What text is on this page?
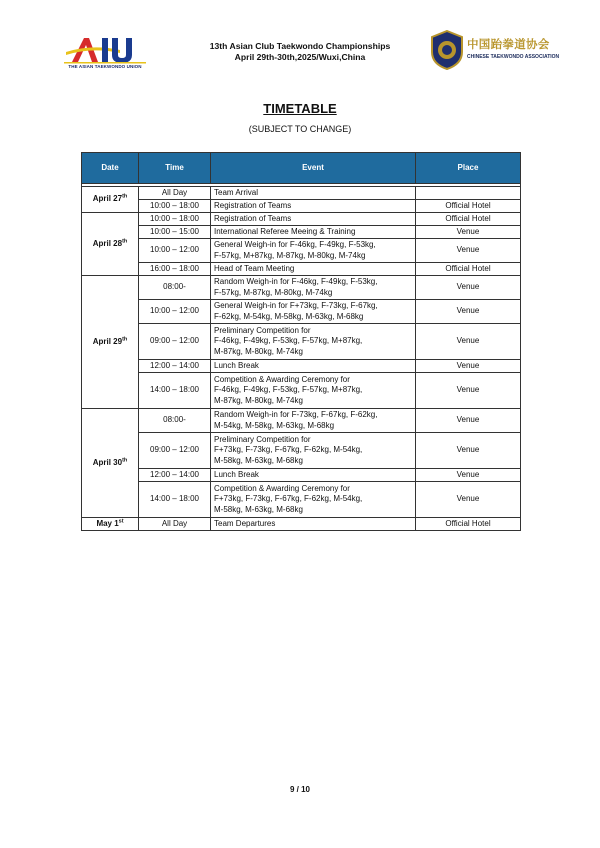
THE ASIAN TAEKWONDO UNION
13th Asian Club Taekwondo Championships
April 29th-30th,2025/Wuxi,China
中国跆拳道协会
CHINESE TAEKWONDO ASSOCIATION
TIMETABLE
(SUBJECT TO CHANGE)
Date	Time	Event	Place

April 27th	All Day	Team Arrival	
	10:00 – 18:00	Registration of Teams	Official Hotel
April 28th	10:00 – 18:00	Registration of Teams	Official Hotel
	10:00 – 15:00	International Referee Meeing & Training	Venue
	10:00 – 12:00	General Weigh-in for F-46kg, F-49kg, F-53kg,
F-57kg, M+87kg, M-87kg, M-80kg, M-74kg	Venue
	16:00 – 18:00	Head of Team Meeting	Official Hotel
April 29th	08:00-	Random Weigh-in for F-46kg, F-49kg, F-53kg,
F-57kg, M-87kg, M-80kg, M-74kg	Venue
	10:00 – 12:00	General Weigh-in for F+73kg, F-73kg, F-67kg,
F-62kg, M-54kg, M-58kg, M-63kg, M-68kg	Venue
	09:00 – 12:00	Preliminary Competition for
F-46kg, F-49kg, F-53kg, F-57kg, M+87kg,
M-87kg, M-80kg, M-74kg	Venue
	12:00 – 14:00	Lunch Break	Venue
	14:00 – 18:00	Competition & Awarding Ceremony for
F-46kg, F-49kg, F-53kg, F-57kg, M+87kg,
M-87kg, M-80kg, M-74kg	Venue
April 30th	08:00-	Random Weigh-in for F-73kg, F-67kg, F-62kg,
M-54kg, M-58kg, M-63kg, M-68kg	Venue
	09:00 – 12:00	Preliminary Competition for
F+73kg, F-73kg, F-67kg, F-62kg, M-54kg,
M-58kg, M-63kg, M-68kg	Venue
	12:00 – 14:00	Lunch Break	Venue
	14:00 – 18:00	Competition & Awarding Ceremony for
F+73kg, F-73kg, F-67kg, F-62kg, M-54kg,
M-58kg, M-63kg, M-68kg	Venue
May 1st	All Day	Team Departures	Official Hotel
9 / 10
